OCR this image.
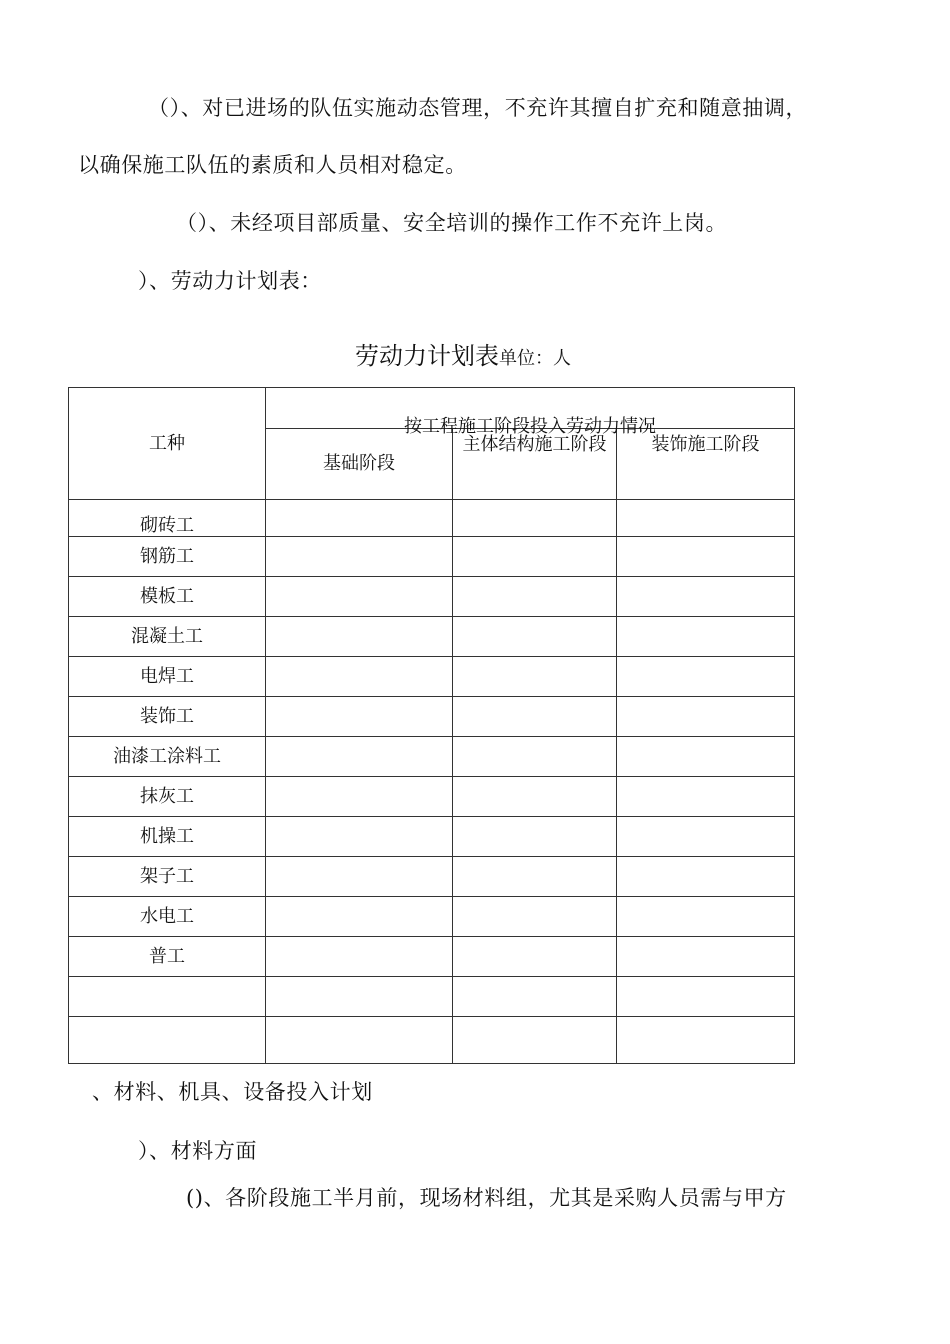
（）、对已进场的队伍实施动态管理，不充许其擅自扩充和随意抽调，
以确保施工队伍的素质和人员相对稳定。
（）、未经项目部质量、安全培训的操作工作不充许上岗。
）、劳动力计划表：
劳动力计划表单位：人
工种	按工程施工阶段投入劳动力情况		

	基础阶段	主体结构施工阶段	装饰施工阶段
砌砖工			
钢筋工			
模板工			
混凝土工			
电焊工			
装饰工			
油漆工涂料工			
抹灰工			
机操工			
架子工			
水电工			
普工			

、材料、机具、设备投入计划
）、材料方面
()、各阶段施工半月前，现场材料组，尤其是采购人员需与甲方
